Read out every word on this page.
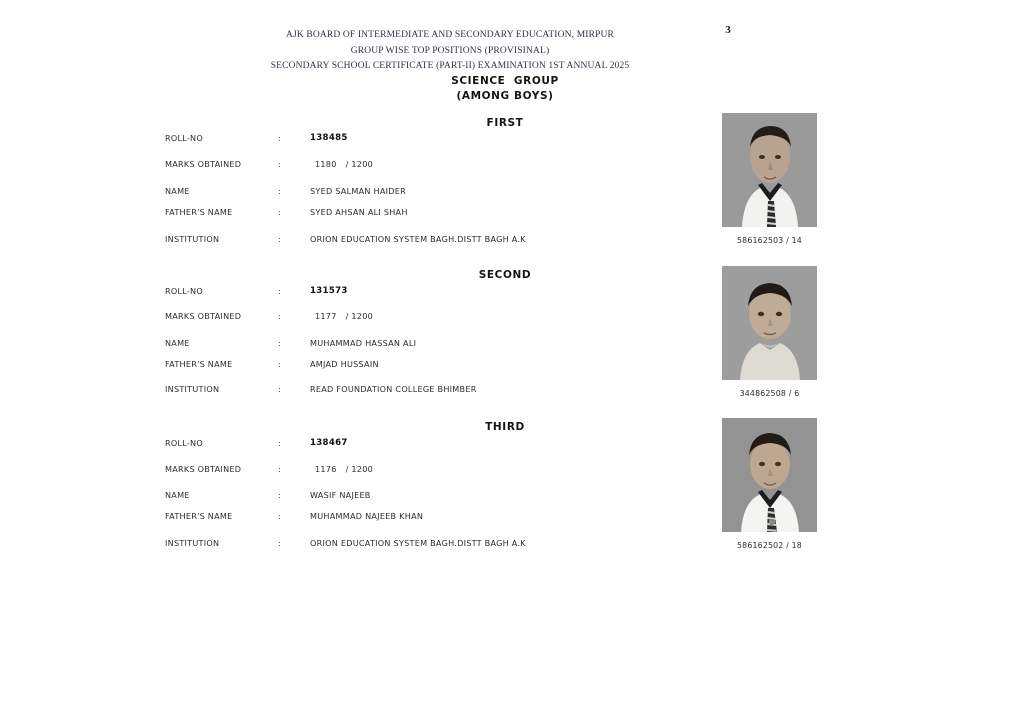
AJK BOARD OF INTERMEDIATE AND SECONDARY EDUCATION, MIRPUR
GROUP WISE TOP POSITIONS (PROVISINAL)
SECONDARY SCHOOL CERTIFICATE (PART-II) EXAMINATION 1ST ANNUAL 2025
3
SCIENCE  GROUP
(AMONG BOYS)
FIRST
ROLL-NO	:	138485
MARKS OBTAINED	:	1180 / 1200
NAME	:	SYED SALMAN HAIDER
FATHER'S NAME	:	SYED AHSAN ALI SHAH
INSTITUTION	:	ORION EDUCATION SYSTEM BAGH.DISTT BAGH A.K	586162503 / 14
SECOND
ROLL-NO	:	131573
MARKS OBTAINED	:	1177 / 1200
NAME	:	MUHAMMAD HASSAN ALI
FATHER'S NAME	:	AMJAD HUSSAIN
INSTITUTION	:	READ FOUNDATION COLLEGE BHIMBER	344862508 / 6
THIRD
ROLL-NO	:	138467
MARKS OBTAINED	:	1176 / 1200
NAME	:	WASIF NAJEEB
FATHER'S NAME	:	MUHAMMAD NAJEEB KHAN
INSTITUTION	:	ORION EDUCATION SYSTEM BAGH.DISTT BAGH A.K	586162502 / 18
